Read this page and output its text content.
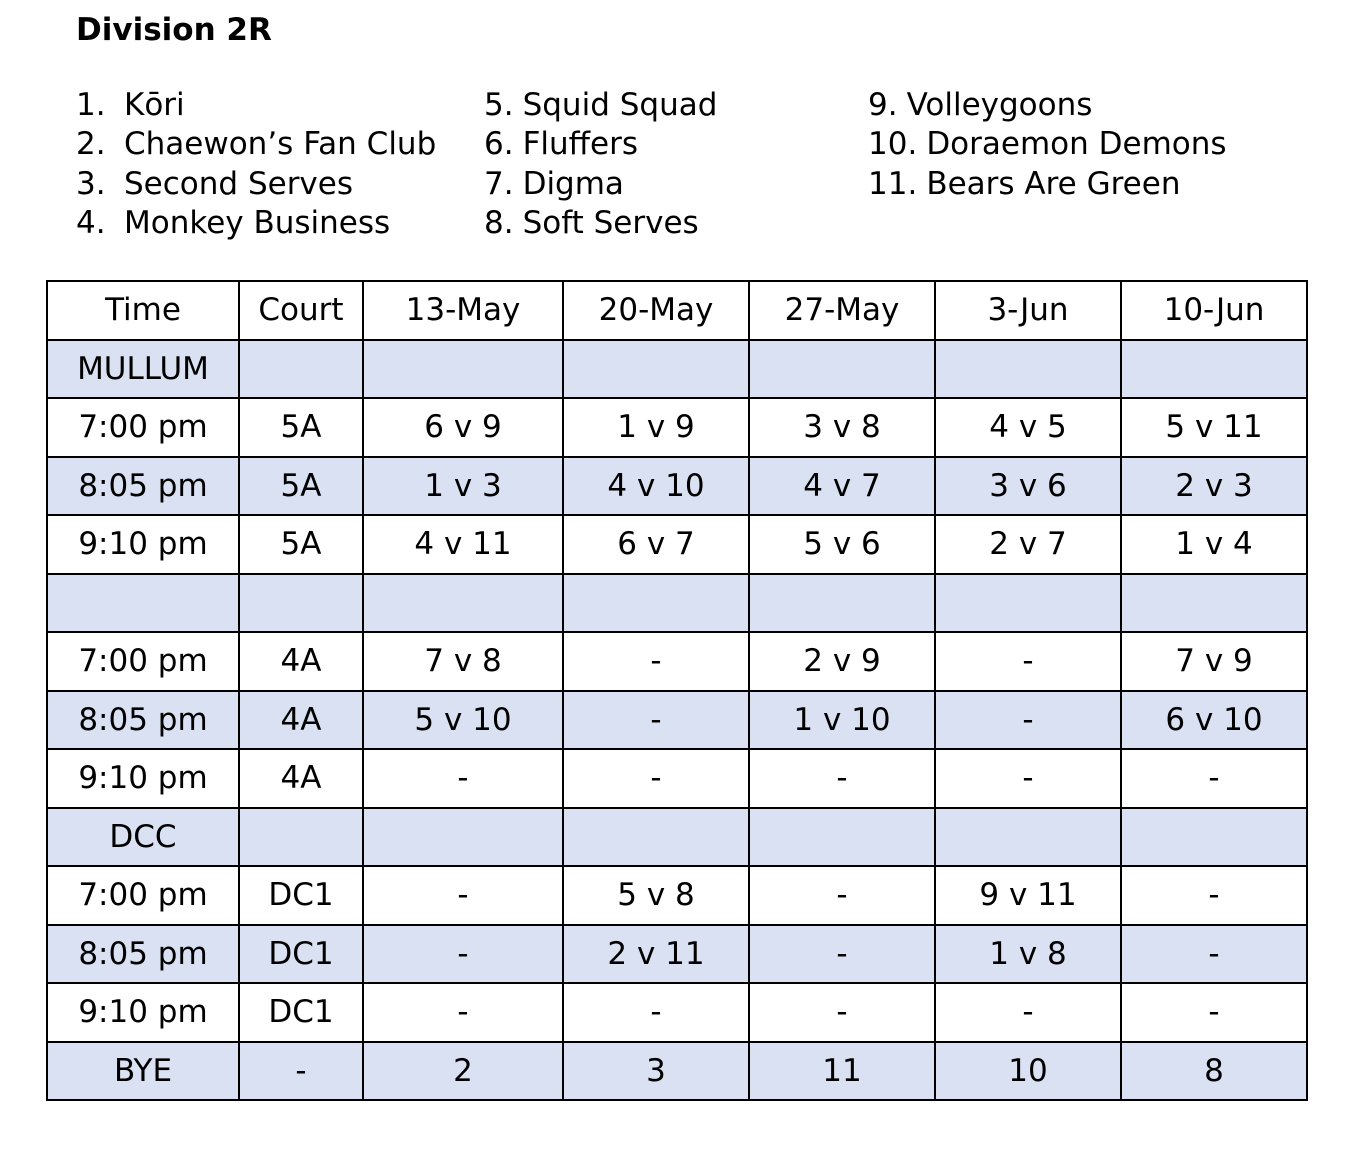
Division 2R
1. Kōri
2. Chaewon’s Fan Club
3. Second Serves
4. Monkey Business
5. Squid Squad
6. Fluffers
7. Digma
8. Soft Serves
9. Volleygoons
10. Doraemon Demons
11. Bears Are Green
Time	Court	13-May	20-May	27-May	3-Jun	10-Jun
MULLUM						
7:00 pm	5A	6 v 9	1 v 9	3 v 8	4 v 5	5 v 11
8:05 pm	5A	1 v 3	4 v 10	4 v 7	3 v 6	2 v 3
9:10 pm	5A	4 v 11	6 v 7	5 v 6	2 v 7	1 v 4

7:00 pm	4A	7 v 8	-	2 v 9	-	7 v 9
8:05 pm	4A	5 v 10	-	1 v 10	-	6 v 10
9:10 pm	4A	-	-	-	-	-
DCC						
7:00 pm	DC1	-	5 v 8	-	9 v 11	-
8:05 pm	DC1	-	2 v 11	-	1 v 8	-
9:10 pm	DC1	-	-	-	-	-
BYE	-	2	3	11	10	8
